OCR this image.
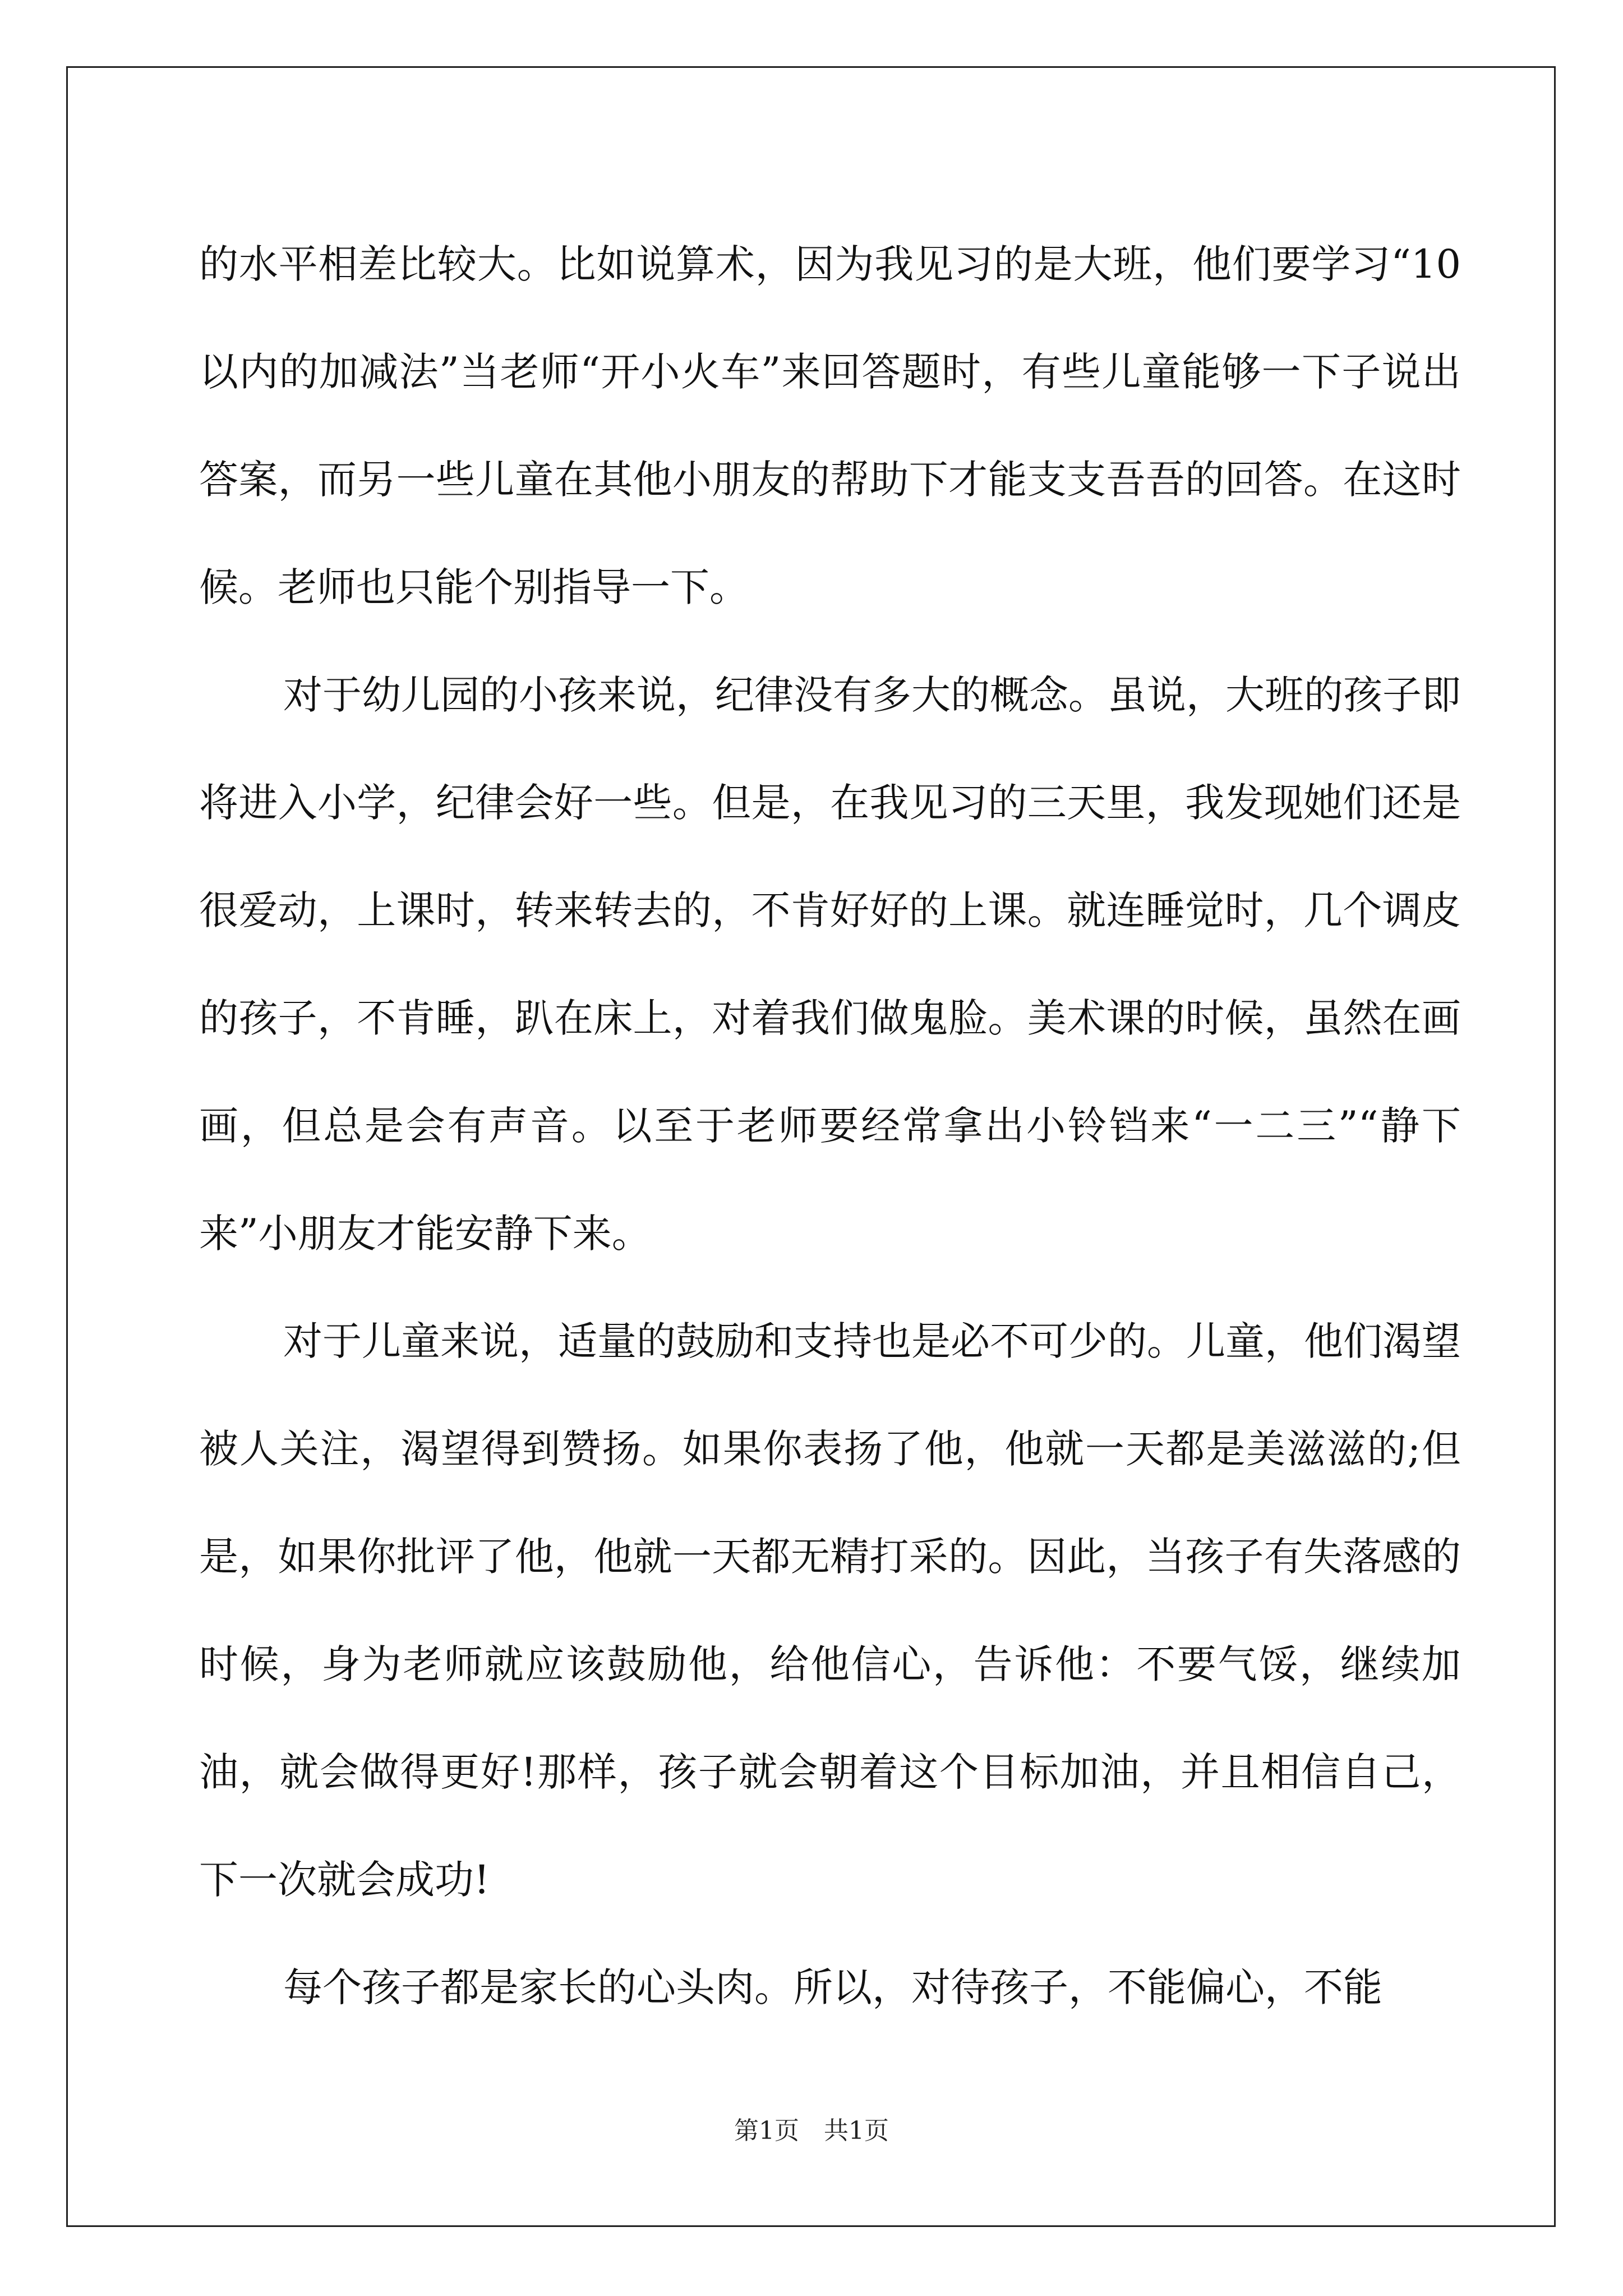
的水平相差比较大。比如说算术，因为我见习的是大班，他们要学习“10以内的加减法”当老师“开小火车”来回答题时，有些儿童能够一下子说出答案，而另一些儿童在其他小朋友的帮助下才能支支吾吾的回答。在这时候。老师也只能个别指导一下。

对于幼儿园的小孩来说，纪律没有多大的概念。虽说，大班的孩子即将进入小学，纪律会好一些。但是，在我见习的三天里，我发现她们还是很爱动，上课时，转来转去的，不肯好好的上课。就连睡觉时，几个调皮的孩子，不肯睡，趴在床上，对着我们做鬼脸。美术课的时候，虽然在画画，但总是会有声音。以至于老师要经常拿出小铃铛来“一二三”“静下来”小朋友才能安静下来。

对于儿童来说，适量的鼓励和支持也是必不可少的。儿童，他们渴望被人关注，渴望得到赞扬。如果你表扬了他，他就一天都是美滋滋的;但是，如果你批评了他，他就一天都无精打采的。因此，当孩子有失落感的时候，身为老师就应该鼓励他，给他信心，告诉他：不要气馁，继续加油，就会做得更好!那样，孩子就会朝着这个目标加油，并且相信自己，下一次就会成功!

每个孩子都是家长的心头肉。所以，对待孩子，不能偏心，不能

第1页　共1页
